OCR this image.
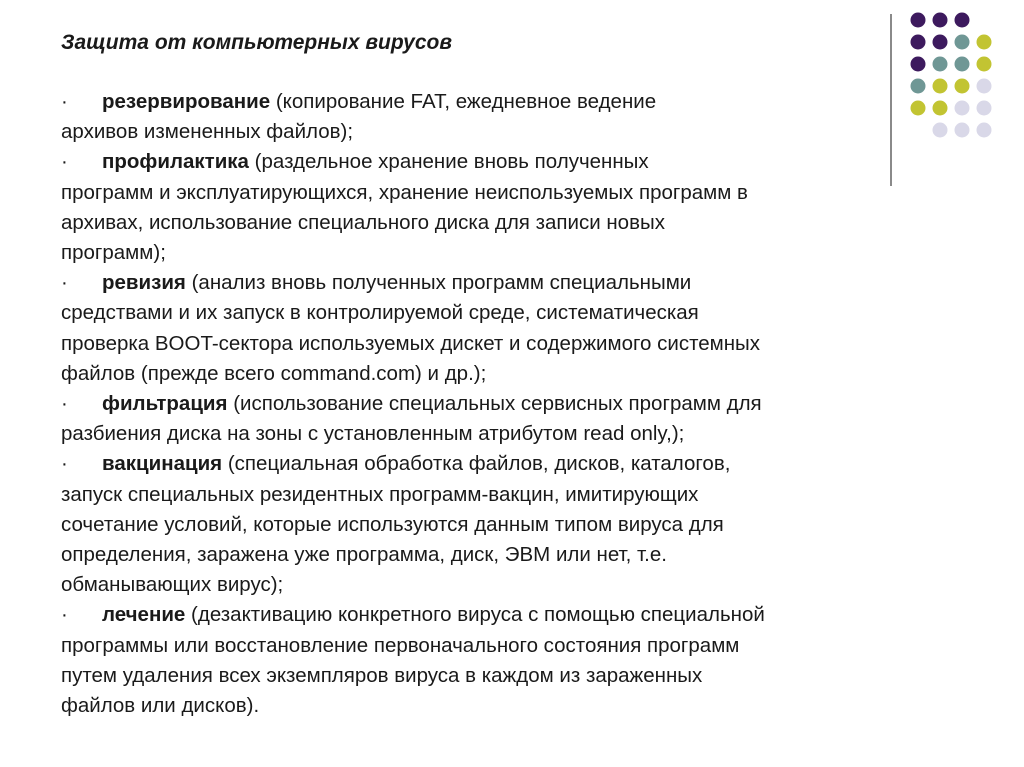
Защита от компьютерных вирусов

· резервирование (копирование FAT, ежедневное ведение
архивов измененных файлов);

· профилактика (раздельное хранение вновь полученных
программ и эксплуатирующихся, хранение неиспользуемых программ в
архивах, использование специального диска для записи новых
программ);

· ревизия (анализ вновь полученных программ специальными
средствами и их запуск в контролируемой среде, систематическая
проверка BOOT-сектора используемых дискет и содержимого системных
файлов (прежде всего command.com) и др.);

· фильтрация (использование специальных сервисных программ для
разбиения диска на зоны с установленным атрибутом read only,);

· вакцинация (специальная обработка файлов, дисков, каталогов,
запуск специальных резидентных программ-вакцин, имитирующих
сочетание условий, которые используются данным типом вируса для
определения, заражена уже программа, диск, ЭВМ или нет, т.е.
обманывающих вирус);

· лечение (дезактивацию конкретного вируса с помощью специальной
программы или восстановление первоначального состояния программ
путем удаления всех экземпляров вируса в каждом из зараженных
файлов или дисков).
